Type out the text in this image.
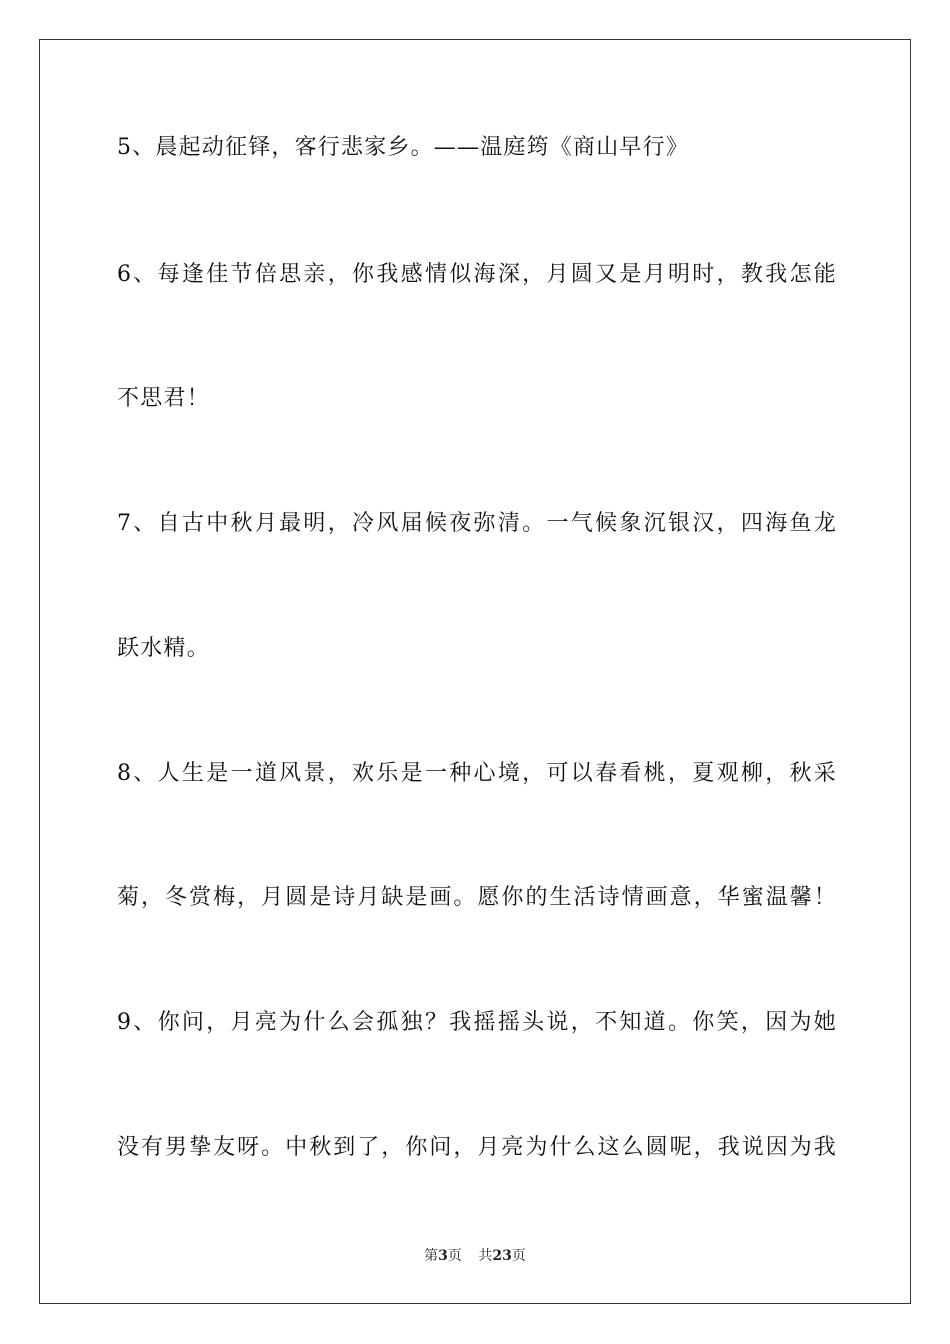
5、晨起动征铎，客行悲家乡。——温庭筠《商山早行》
6、每逢佳节倍思亲，你我感情似海深，月圆又是月明时，教我怎能
不思君！
7、自古中秋月最明，冷风届候夜弥清。一气候象沉银汉，四海鱼龙
跃水精。
8、人生是一道风景，欢乐是一种心境，可以春看桃，夏观柳，秋采
菊，冬赏梅，月圆是诗月缺是画。愿你的生活诗情画意，华蜜温馨！
9、你问，月亮为什么会孤独？我摇摇头说，不知道。你笑，因为她
没有男挚友呀。中秋到了，你问，月亮为什么这么圆呢，我说因为我
第3页 共23页
